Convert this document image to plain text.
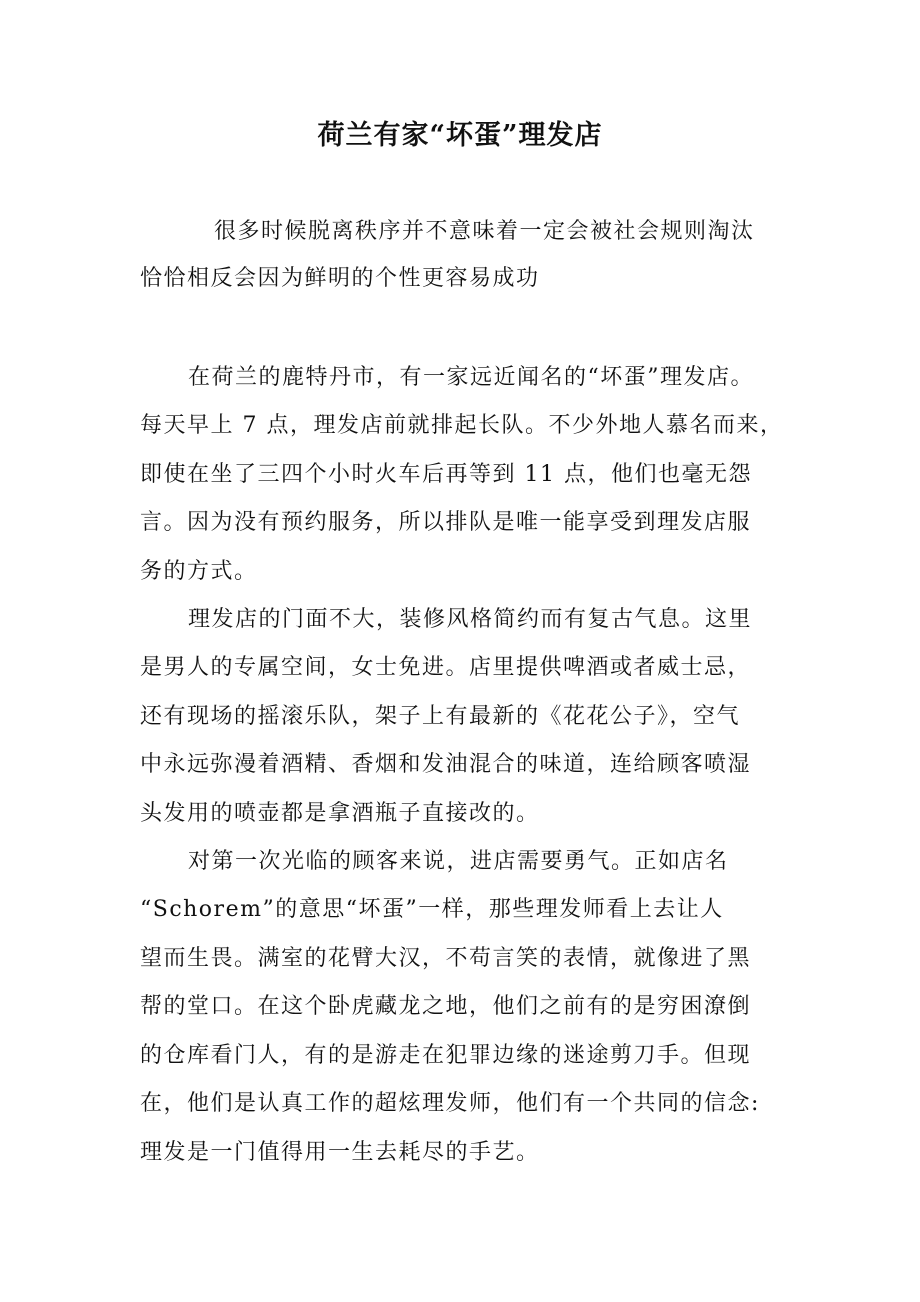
荷兰有家“坏蛋”理发店

很多时候脱离秩序并不意味着一定会被社会规则淘汰
恰恰相反会因为鲜明的个性更容易成功

在荷兰的鹿特丹市，有一家远近闻名的“坏蛋”理发店。
每天早上 7 点，理发店前就排起长队。不少外地人慕名而来，
即使在坐了三四个小时火车后再等到 11 点，他们也毫无怨
言。因为没有预约服务，所以排队是唯一能享受到理发店服
务的方式。

理发店的门面不大，装修风格简约而有复古气息。这里
是男人的专属空间，女士免进。店里提供啤酒或者威士忌，
还有现场的摇滚乐队，架子上有最新的《花花公子》，空气
中永远弥漫着酒精、香烟和发油混合的味道，连给顾客喷湿
头发用的喷壶都是拿酒瓶子直接改的。

对第一次光临的顾客来说，进店需要勇气。正如店名
“Schorem”的意思“坏蛋”一样，那些理发师看上去让人
望而生畏。满室的花臂大汉，不苟言笑的表情，就像进了黑
帮的堂口。在这个卧虎藏龙之地，他们之前有的是穷困潦倒
的仓库看门人，有的是游走在犯罪边缘的迷途剪刀手。但现
在，他们是认真工作的超炫理发师，他们有一个共同的信念:
理发是一门值得用一生去耗尽的手艺。
